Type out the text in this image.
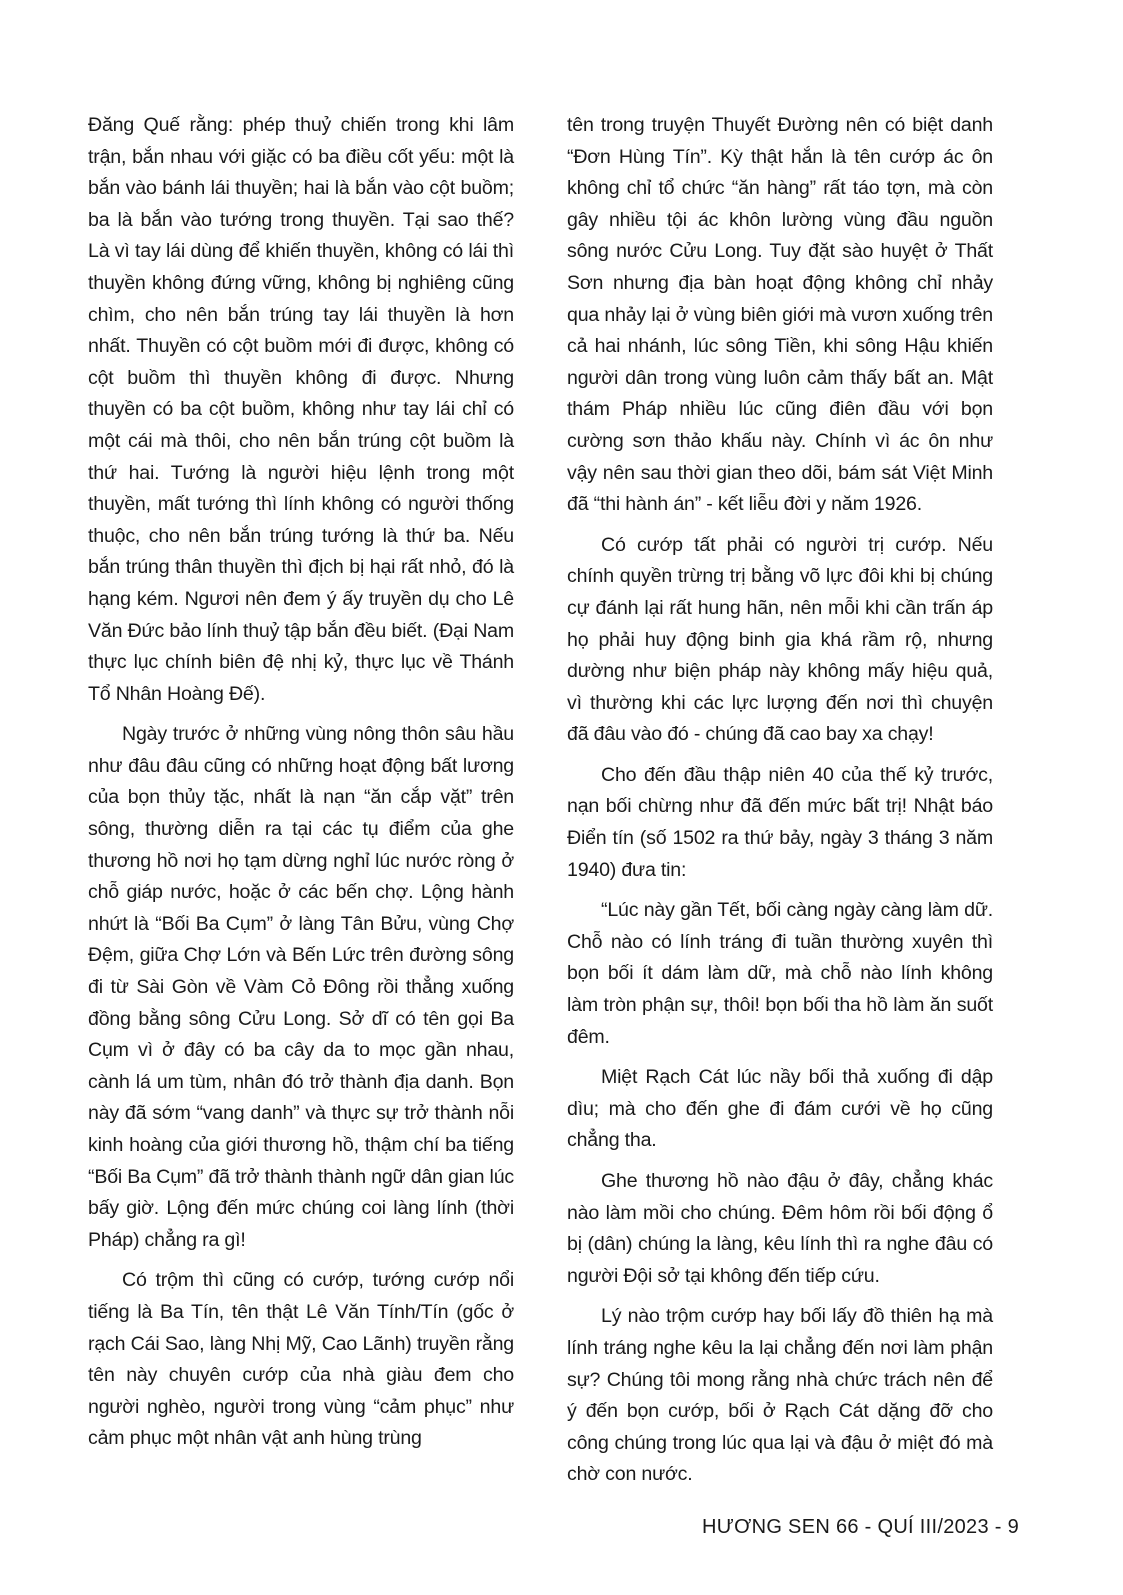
Đăng Quế rằng: phép thuỷ chiến trong khi lâm trận, bắn nhau với giặc có ba điều cốt yếu: một là bắn vào bánh lái thuyền; hai là bắn vào cột buồm; ba là bắn vào tướng trong thuyền. Tại sao thế? Là vì tay lái dùng để khiến thuyền, không có lái thì thuyền không đứng vững, không bị nghiêng cũng chìm, cho nên bắn trúng tay lái thuyền là hơn nhất. Thuyền có cột buồm mới đi được, không có cột buồm thì thuyền không đi được. Nhưng thuyền có ba cột buồm, không như tay lái chỉ có một cái mà thôi, cho nên bắn trúng cột buồm là thứ hai. Tướng là người hiệu lệnh trong một thuyền, mất tướng thì lính không có người thống thuộc, cho nên bắn trúng tướng là thứ ba. Nếu bắn trúng thân thuyền thì địch bị hại rất nhỏ, đó là hạng kém. Ngươi nên đem ý ấy truyền dụ cho Lê Văn Đức bảo lính thuỷ tập bắn đều biết. (Đại Nam thực lục chính biên đệ nhị kỷ, thực lục về Thánh Tổ Nhân Hoàng Đế).

Ngày trước ở những vùng nông thôn sâu hầu như đâu đâu cũng có những hoạt động bất lương của bọn thủy tặc, nhất là nạn “ăn cắp vặt” trên sông, thường diễn ra tại các tụ điểm của ghe thương hồ nơi họ tạm dừng nghỉ lúc nước ròng ở chỗ giáp nước, hoặc ở các bến chợ. Lộng hành nhứt là “Bối Ba Cụm” ở làng Tân Bửu, vùng Chợ Đệm, giữa Chợ Lớn và Bến Lức trên đường sông đi từ Sài Gòn về Vàm Cỏ Đông rồi thẳng xuống đồng bằng sông Cửu Long. Sở dĩ có tên gọi Ba Cụm vì ở đây có ba cây da to mọc gần nhau, cành lá um tùm, nhân đó trở thành địa danh. Bọn này đã sớm “vang danh” và thực sự trở thành nỗi kinh hoàng của giới thương hồ, thậm chí ba tiếng “Bối Ba Cụm” đã trở thành thành ngữ dân gian lúc bấy giờ. Lộng đến mức chúng coi làng lính (thời Pháp) chẳng ra gì!

Có trộm thì cũng có cướp, tướng cướp nổi tiếng là Ba Tín, tên thật Lê Văn Tính/Tín (gốc ở rạch Cái Sao, làng Nhị Mỹ, Cao Lãnh) truyền rằng tên này chuyên cướp của nhà giàu đem cho người nghèo, người trong vùng “cảm phục” như cảm phục một nhân vật anh hùng trùng

tên trong truyện Thuyết Đường nên có biệt danh “Đơn Hùng Tín”. Kỳ thật hắn là tên cướp ác ôn không chỉ tổ chức “ăn hàng” rất táo tợn, mà còn gây nhiều tội ác khôn lường vùng đầu nguồn sông nước Cửu Long. Tuy đặt sào huyệt ở Thất Sơn nhưng địa bàn hoạt động không chỉ nhảy qua nhảy lại ở vùng biên giới mà vươn xuống trên cả hai nhánh, lúc sông Tiền, khi sông Hậu khiến người dân trong vùng luôn cảm thấy bất an. Mật thám Pháp nhiều lúc cũng điên đầu với bọn cường sơn thảo khấu này. Chính vì ác ôn như vậy nên sau thời gian theo dõi, bám sát Việt Minh đã “thi hành án” - kết liễu đời y năm 1926.

Có cướp tất phải có người trị cướp. Nếu chính quyền trừng trị bằng võ lực đôi khi bị chúng cự đánh lại rất hung hãn, nên mỗi khi cần trấn áp họ phải huy động binh gia khá rầm rộ, nhưng dường như biện pháp này không mấy hiệu quả, vì thường khi các lực lượng đến nơi thì chuyện đã đâu vào đó - chúng đã cao bay xa chạy!

Cho đến đầu thập niên 40 của thế kỷ trước, nạn bối chừng như đã đến mức bất trị! Nhật báo Điển tín (số 1502 ra thứ bảy, ngày 3 tháng 3 năm 1940) đưa tin:

“Lúc này gần Tết, bối càng ngày càng làm dữ. Chỗ nào có lính tráng đi tuần thường xuyên thì bọn bối ít dám làm dữ, mà chỗ nào lính không làm tròn phận sự, thôi! bọn bối tha hồ làm ăn suốt đêm.

Miệt Rạch Cát lúc nầy bối thả xuống đi dập dìu; mà cho đến ghe đi đám cưới về họ cũng chẳng tha.

Ghe thương hồ nào đậu ở đây, chẳng khác nào làm mồi cho chúng. Đêm hôm rồi bối động ổ bị (dân) chúng la làng, kêu lính thì ra nghe đâu có người Đội sở tại không đến tiếp cứu.

Lý nào trộm cướp hay bối lấy đồ thiên hạ mà lính tráng nghe kêu la lại chẳng đến nơi làm phận sự? Chúng tôi mong rằng nhà chức trách nên để ý đến bọn cướp, bối ở Rạch Cát dặng đỡ cho công chúng trong lúc qua lại và đậu ở miệt đó mà chờ con nước.

HƯƠNG SEN 66 - QUÍ III/2023 - 9
